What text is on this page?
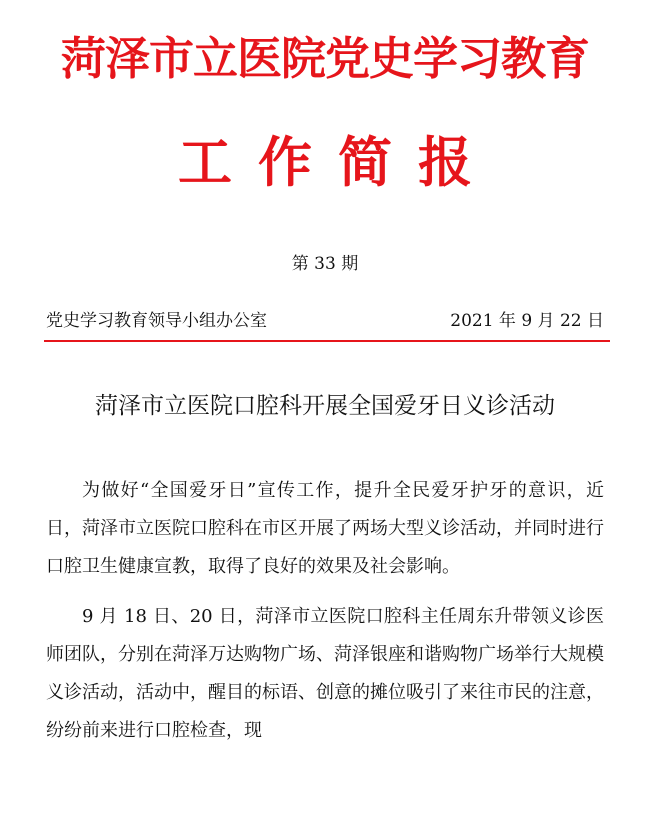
菏泽市立医院党史学习教育
工作简报
第 33 期
党史学习教育领导小组办公室	2021 年 9 月 22 日
菏泽市立医院口腔科开展全国爱牙日义诊活动

为做好“全国爱牙日”宣传工作，提升全民爱牙护牙的意识，近日，菏泽市立医院口腔科在市区开展了两场大型义诊活动，并同时进行口腔卫生健康宣教，取得了良好的效果及社会影响。

9 月 18 日、20 日，菏泽市立医院口腔科主任周东升带领义诊医师团队，分别在菏泽万达购物广场、菏泽银座和谐购物广场举行大规模义诊活动，活动中，醒目的标语、创意的摊位吸引了来往市民的注意，纷纷前来进行口腔检查，现
